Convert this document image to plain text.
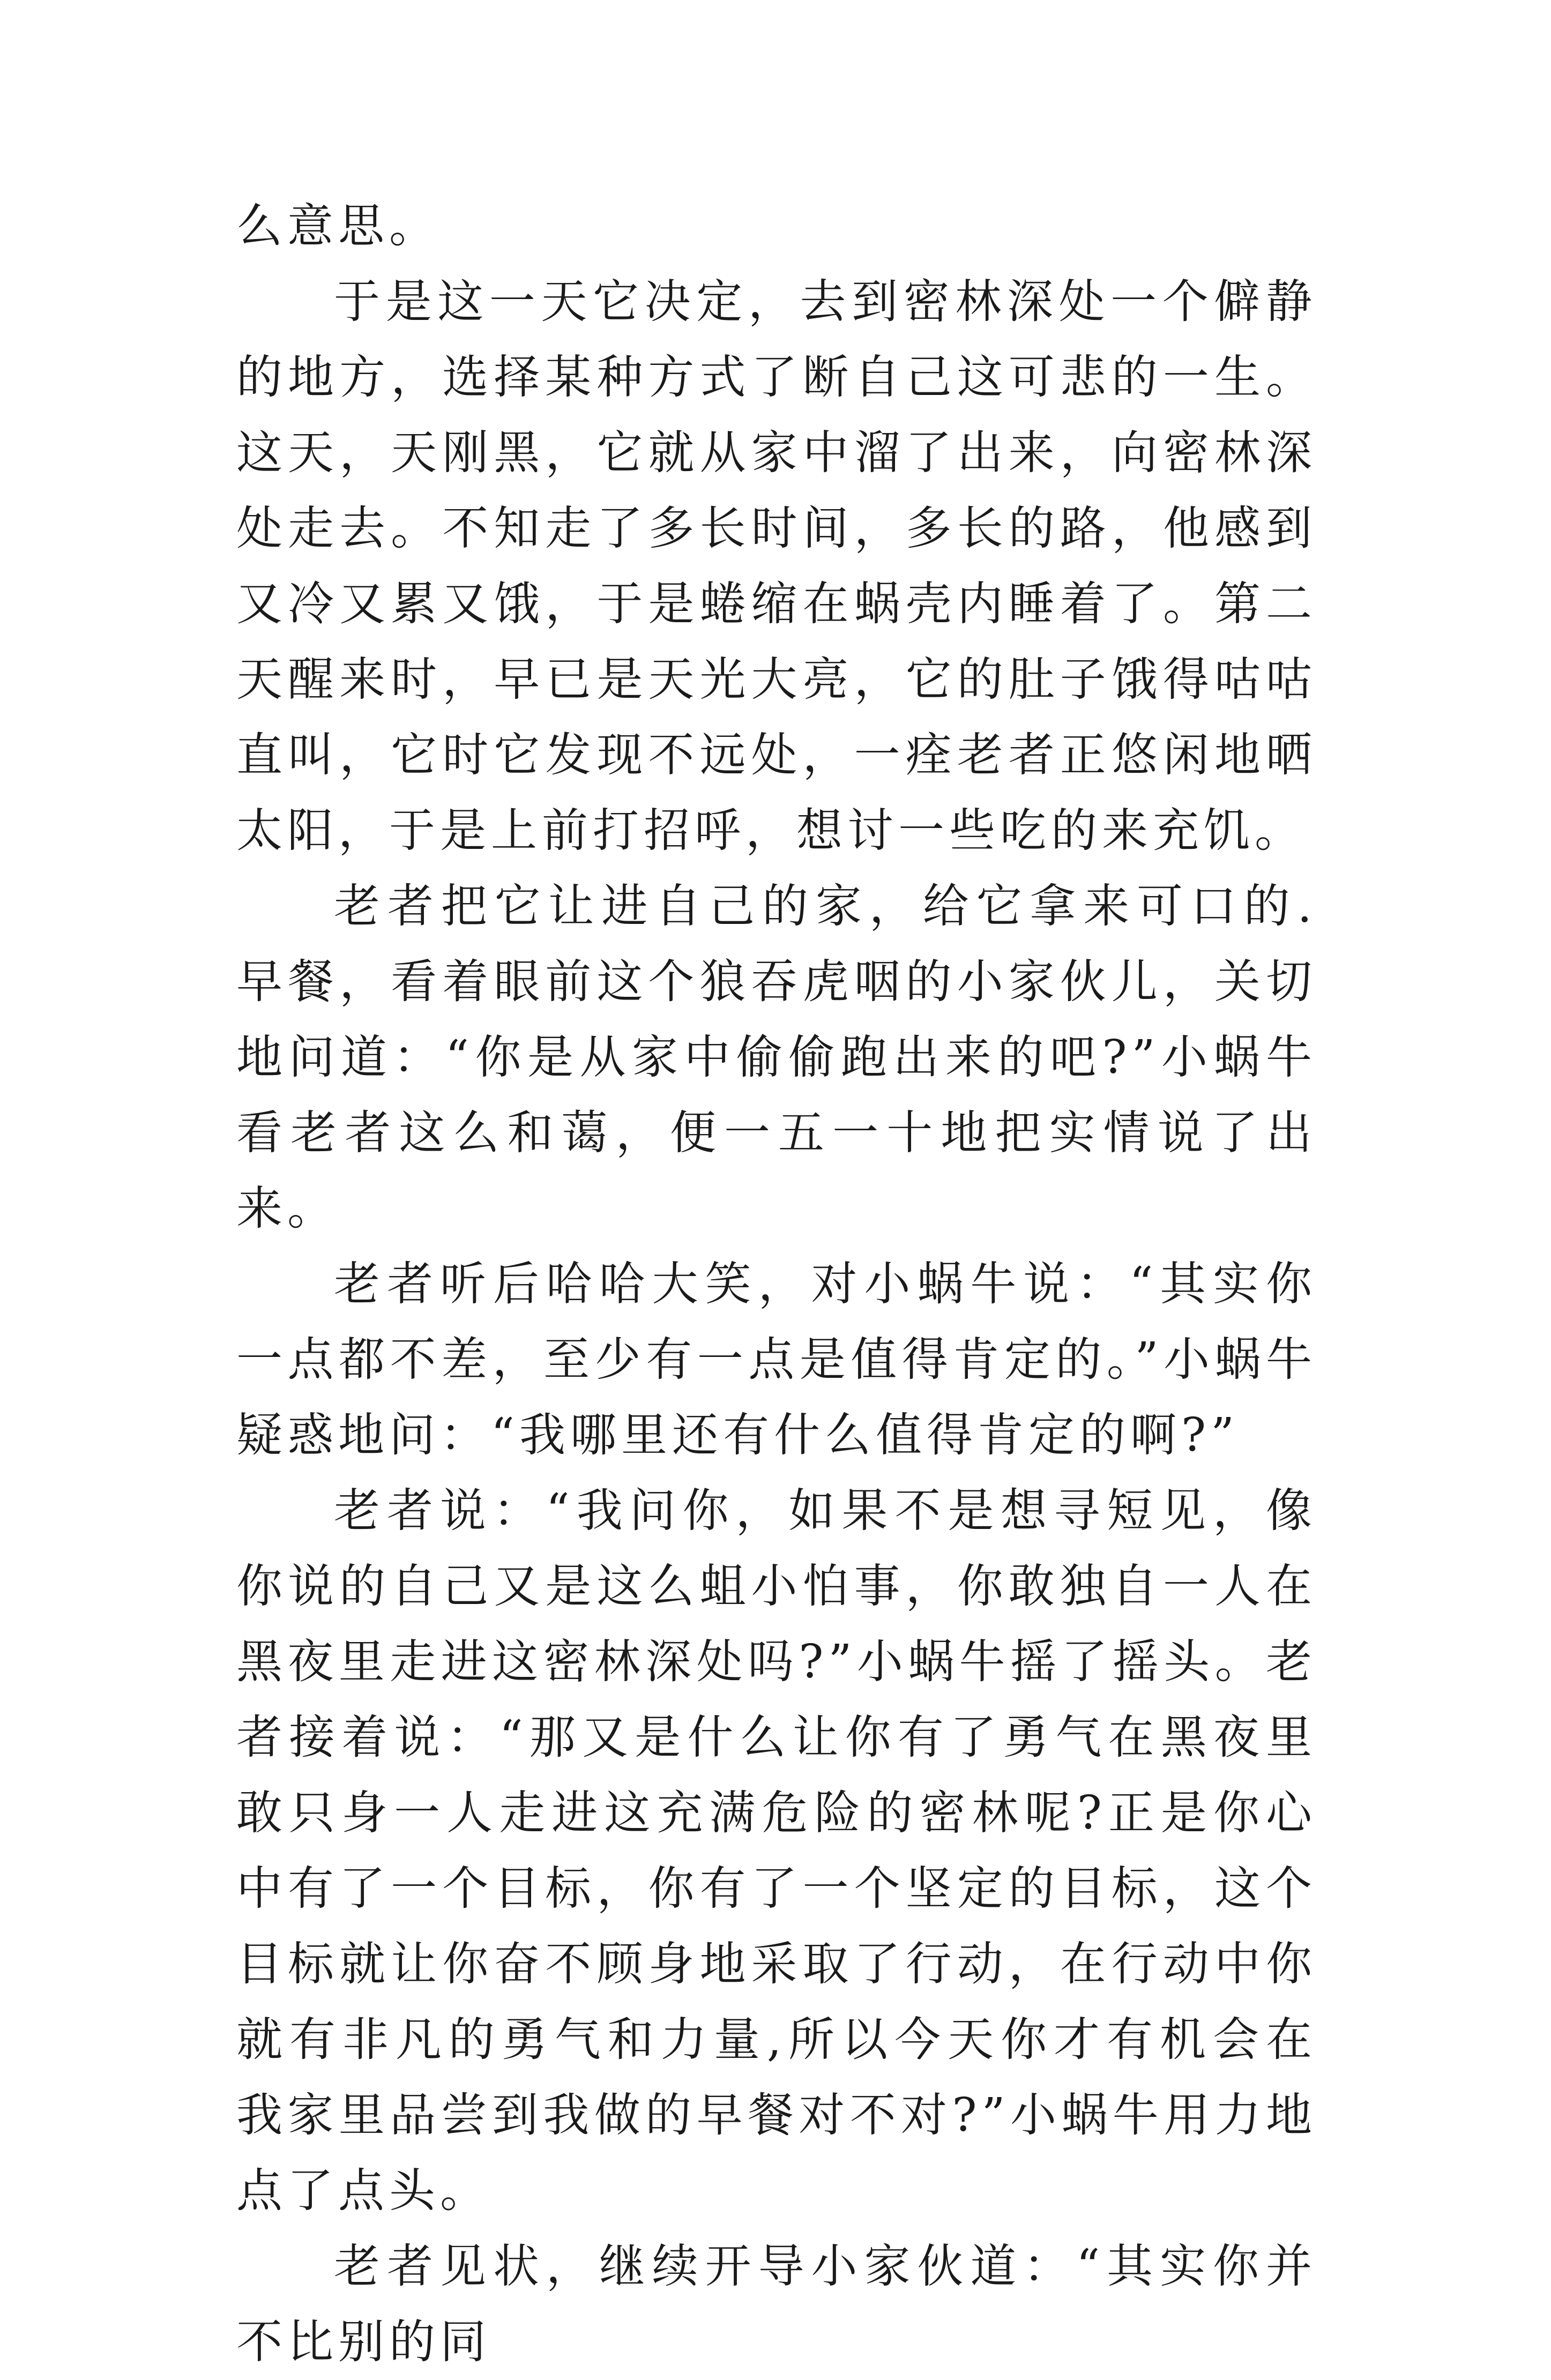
么意思。

于是这一天它决定，去到密林深处一个僻静的地方，选择某种方式了断自己这可悲的一生。这天，天刚黑，它就从家中溜了出来，向密林深处走去。不知走了多长时间，多长的路，他感到又冷又累又饿，于是蜷缩在蜗壳内睡着了。第二天醒来时，早已是天光大亮，它的肚子饿得咕咕直叫，它时它发现不远处，一痊老者正悠闲地晒太阳，于是上前打招呼，想讨一些吃的来充饥。

老者把它让进自己的家，给它拿来可口的.早餐，看着眼前这个狼吞虎咽的小家伙儿，关切地问道：“你是从家中偷偷跑出来的吧?”小蜗牛看老者这么和蔼，便一五一十地把实情说了出来。

老者听后哈哈大笑，对小蜗牛说：“其实你一点都不差，至少有一点是值得肯定的。”小蜗牛疑惑地问：“我哪里还有什么值得肯定的啊?”

老者说：“我问你，如果不是想寻短见，像你说的自己又是这么蛆小怕事，你敢独自一人在黑夜里走进这密林深处吗?”小蜗牛摇了摇头。老者接着说：“那又是什么让你有了勇气在黑夜里敢只身一人走进这充满危险的密林呢?正是你心中有了一个目标，你有了一个坚定的目标，这个目标就让你奋不顾身地采取了行动，在行动中你就有非凡的勇气和力量,所以今天你才有机会在我家里品尝到我做的早餐对不对?”小蜗牛用力地点了点头。

老者见状，继续开导小家伙道：“其实你并不比别的同
